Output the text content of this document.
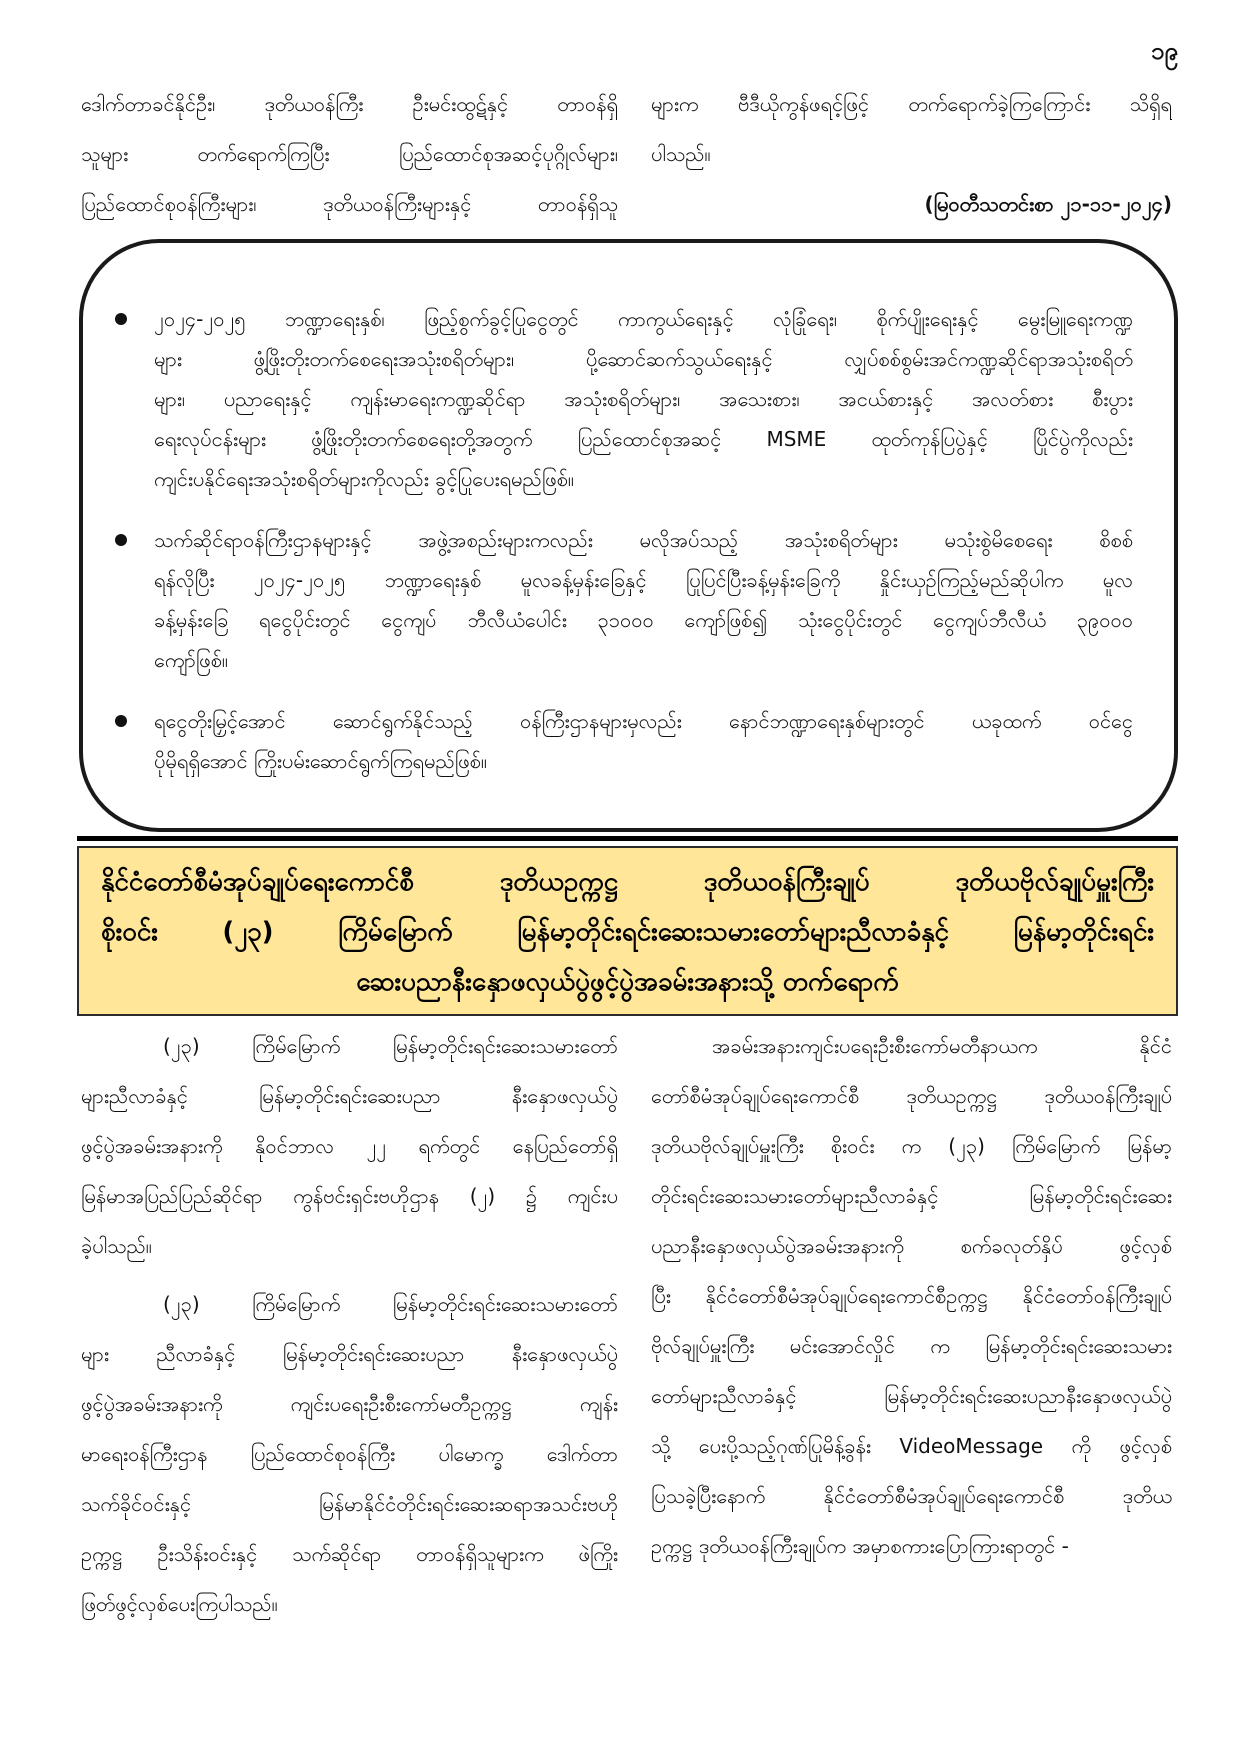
၁၉
ဒေါက်တာခင်နိုင်ဦး၊ ဒုတိယဝန်ကြီး ဦးမင်းထွဋ်နှင့် တာဝန်ရှိ
သူများ တက်ရောက်ကြပြီး ပြည်ထောင်စုအဆင့်ပုဂ္ဂိုလ်များ၊
ပြည်ထောင်စုဝန်ကြီးများ၊ ဒုတိယဝန်ကြီးများနှင့် တာဝန်ရှိသူ
များက ဗီဒီယိုကွန်ဖရင့်ဖြင့် တက်ရောက်ခဲ့ကြကြောင်း သိရှိရ
ပါသည်။
(မြဝတီသတင်းစာ ၂၁-၁၁-၂၀၂၄)
၂၀၂၄-၂၀၂၅ ဘဏ္ဍာရေးနှစ်၊ ဖြည့်စွက်ခွင့်ပြုငွေတွင် ကာကွယ်ရေးနှင့် လုံခြုံရေး၊ စိုက်ပျိုးရေးနှင့် မွေးမြူရေးကဏ္ဍ
များ ဖွံ့ဖြိုးတိုးတက်စေရေးအသုံးစရိတ်များ၊ ပို့ဆောင်ဆက်သွယ်ရေးနှင့် လျှပ်စစ်စွမ်းအင်ကဏ္ဍဆိုင်ရာအသုံးစရိတ်
များ၊ ပညာရေးနှင့် ကျန်းမာရေးကဏ္ဍဆိုင်ရာ အသုံးစရိတ်များ၊ အသေးစား၊ အငယ်စားနှင့် အလတ်စား စီးပွား
ရေးလုပ်ငန်းများ ဖွံ့ဖြိုးတိုးတက်စေရေးတို့အတွက် ပြည်ထောင်စုအဆင့် MSME ထုတ်ကုန်ပြပွဲနှင့် ပြိုင်ပွဲကိုလည်း
ကျင်းပနိုင်ရေးအသုံးစရိတ်များကိုလည်း ခွင့်ပြုပေးရမည်ဖြစ်။
သက်ဆိုင်ရာဝန်ကြီးဌာနများနှင့် အဖွဲ့အစည်းများကလည်း မလိုအပ်သည့် အသုံးစရိတ်များ မသုံးစွဲမိစေရေး စိစစ်
ရန်လိုပြီး ၂၀၂၄-၂၀၂၅ ဘဏ္ဍာရေးနှစ် မူလခန့်မှန်းခြေနှင့် ပြုပြင်ပြီးခန့်မှန်းခြေကို နှိုင်းယှဉ်ကြည့်မည်ဆိုပါက မူလ
ခန့်မှန်းခြေ ရငွေပိုင်းတွင် ငွေကျပ် ဘီလီယံပေါင်း ၃၁၀၀၀ ကျော်ဖြစ်၍ သုံးငွေပိုင်းတွင် ငွေကျပ်ဘီလီယံ ၃၉၀၀၀
ကျော်ဖြစ်။
ရငွေတိုးမြှင့်အောင် ဆောင်ရွက်နိုင်သည့် ဝန်ကြီးဌာနများမှလည်း နောင်ဘဏ္ဍာရေးနှစ်များတွင် ယခုထက် ဝင်ငွေ
ပိုမိုရရှိအောင် ကြိုးပမ်းဆောင်ရွက်ကြရမည်ဖြစ်။
နိုင်ငံတော်စီမံအုပ်ချုပ်ရေးကောင်စီ ဒုတိယဥက္ကဋ္ဌ ဒုတိယဝန်ကြီးချုပ် ဒုတိယဗိုလ်ချုပ်မှူးကြီး
စိုးဝင်း (၂၃) ကြိမ်မြောက် မြန်မာ့တိုင်းရင်းဆေးသမားတော်များညီလာခံနှင့် မြန်မာ့တိုင်းရင်း
ဆေးပညာနီးနှောဖလှယ်ပွဲဖွင့်ပွဲအခမ်းအနားသို့ တက်ရောက်
(၂၃) ကြိမ်မြောက် မြန်မာ့တိုင်းရင်းဆေးသမားတော်
များညီလာခံနှင့် မြန်မာ့တိုင်းရင်းဆေးပညာ နီးနှောဖလှယ်ပွဲ
ဖွင့်ပွဲအခမ်းအနားကို နိုဝင်ဘာလ ၂၂ ရက်တွင် နေပြည်တော်ရှိ
မြန်မာအပြည်ပြည်ဆိုင်ရာ ကွန်ဗင်းရှင်းဗဟိုဌာန (၂) ၌ ကျင်းပ
ခဲ့ပါသည်။
(၂၃) ကြိမ်မြောက် မြန်မာ့တိုင်းရင်းဆေးသမားတော်
များ ညီလာခံနှင့် မြန်မာ့တိုင်းရင်းဆေးပညာ နီးနှောဖလှယ်ပွဲ
ဖွင့်ပွဲအခမ်းအနားကို ကျင်းပရေးဦးစီးကော်မတီဥက္ကဋ္ဌ ကျန်း
မာရေးဝန်ကြီးဌာန ပြည်ထောင်စုဝန်ကြီး ပါမောက္ခ ဒေါက်တာ
သက်ခိုင်ဝင်းနှင့် မြန်မာနိုင်ငံတိုင်းရင်းဆေးဆရာအသင်းဗဟို
ဥက္ကဋ္ဌ ဦးသိန်းဝင်းနှင့် သက်ဆိုင်ရာ တာဝန်ရှိသူများက ဖဲကြိုး
ဖြတ်ဖွင့်လှစ်ပေးကြပါသည်။
အခမ်းအနားကျင်းပရေးဦးစီးကော်မတီနာယက နိုင်ငံ
တော်စီမံအုပ်ချုပ်ရေးကောင်စီ ဒုတိယဥက္ကဋ္ဌ ဒုတိယဝန်ကြီးချုပ်
ဒုတိယဗိုလ်ချုပ်မှူးကြီး စိုးဝင်း က (၂၃) ကြိမ်မြောက် မြန်မာ့
တိုင်းရင်းဆေးသမားတော်များညီလာခံနှင့် မြန်မာ့တိုင်းရင်းဆေး
ပညာနီးနှောဖလှယ်ပွဲအခမ်းအနားကို စက်ခလုတ်နှိပ် ဖွင့်လှစ်
ပြီး နိုင်ငံတော်စီမံအုပ်ချုပ်ရေးကောင်စီဥက္ကဋ္ဌ နိုင်ငံတော်ဝန်ကြီးချုပ်
ဗိုလ်ချုပ်မှူးကြီး မင်းအောင်လှိုင် က မြန်မာ့တိုင်းရင်းဆေးသမား
တော်များညီလာခံနှင့် မြန်မာ့တိုင်းရင်းဆေးပညာနီးနှောဖလှယ်ပွဲ
သို့ ပေးပို့သည့်ဂုဏ်ပြုမိန့်ခွန်း VideoMessage ကို ဖွင့်လှစ်
ပြသခဲ့ပြီးနောက် နိုင်ငံတော်စီမံအုပ်ချုပ်ရေးကောင်စီ ဒုတိယ
ဥက္ကဋ္ဌ ဒုတိယဝန်ကြီးချုပ်က အမှာစကားပြောကြားရာတွင် -
